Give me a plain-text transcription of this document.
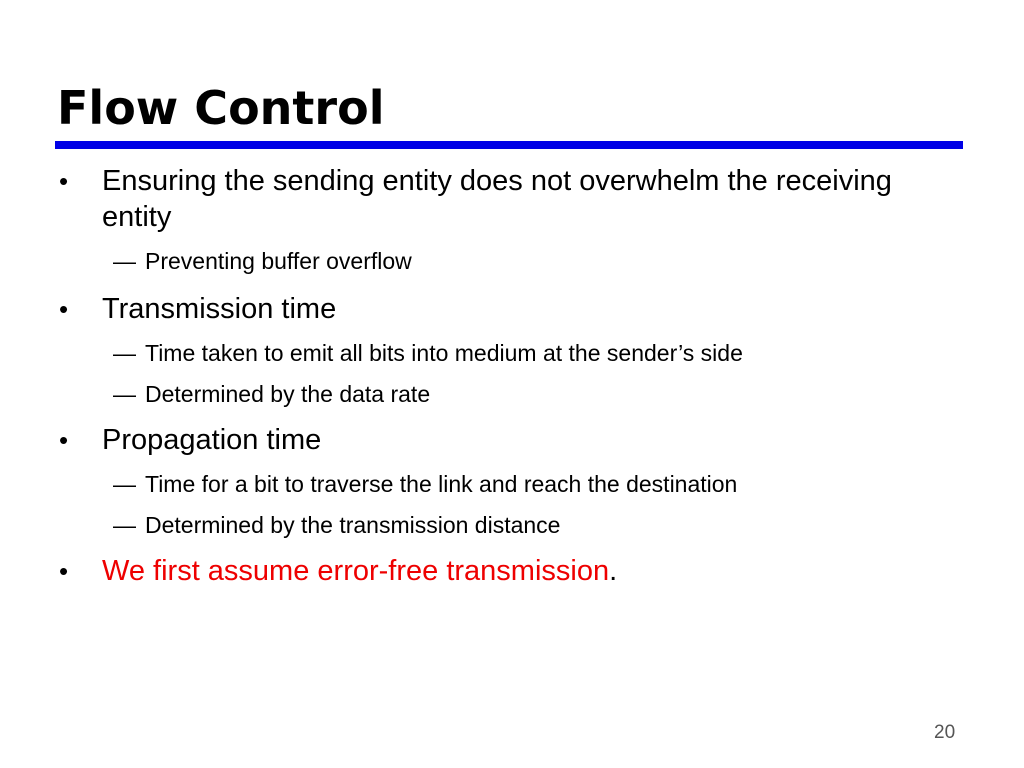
Flow Control
•	Ensuring the sending entity does not overwhelm the receiving entity
— Preventing buffer overflow
•	Transmission time
— Time taken to emit all bits into medium at the sender’s side
— Determined by the data rate
•	Propagation time
— Time for a bit to traverse the link and reach the destination
— Determined by the transmission distance
•	We first assume error-free transmission.
20
